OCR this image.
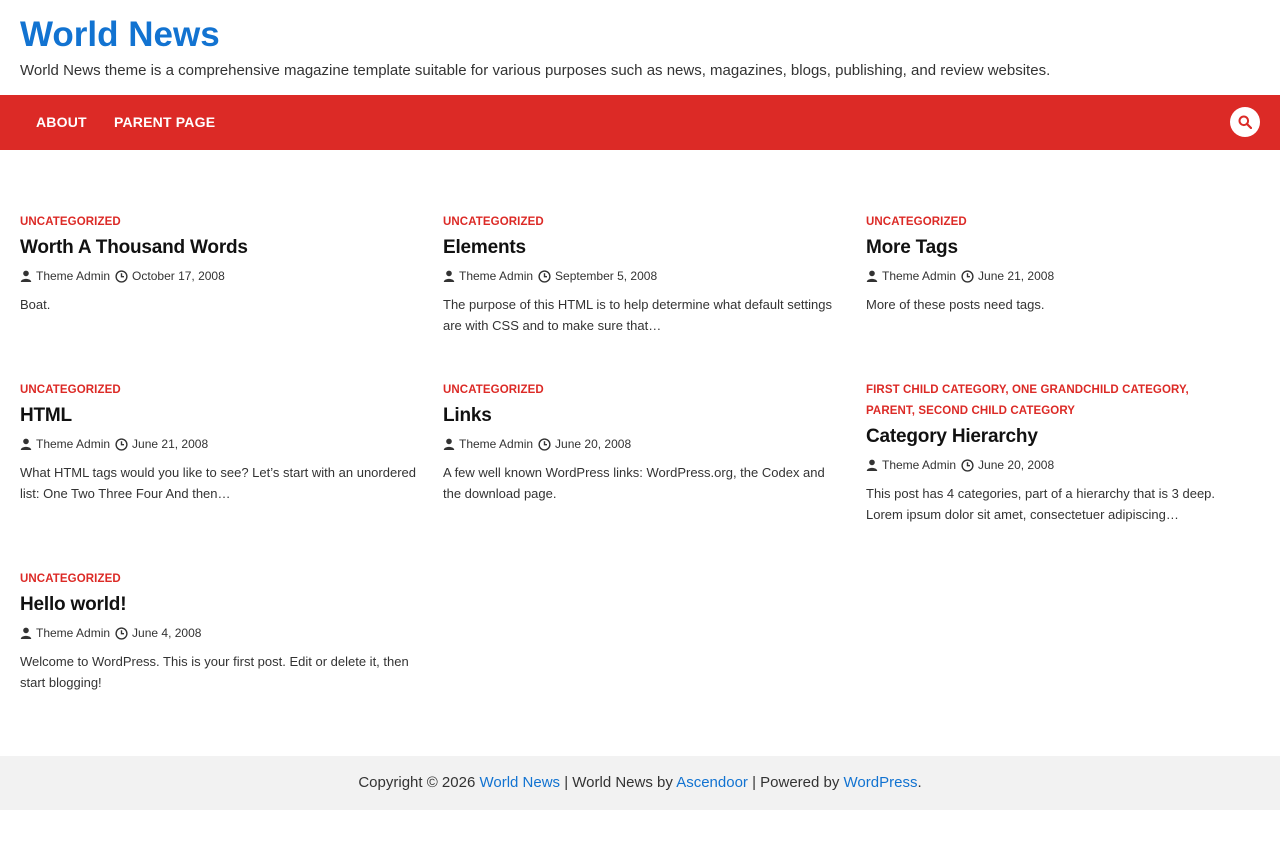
World News

World News theme is a comprehensive magazine template suitable for various purposes such as news, magazines, blogs, publishing, and review websites.

ABOUT PARENT PAGE
UNCATEGORIZED
Worth A Thousand Words
Theme Admin October 17, 2008

Boat.

UNCATEGORIZED
Elements
Theme Admin September 5, 2008

The purpose of this HTML is to help determine what default settings are with CSS and to make sure that…

UNCATEGORIZED
More Tags
Theme Admin June 21, 2008

More of these posts need tags.

UNCATEGORIZED
HTML
Theme Admin June 21, 2008

What HTML tags would you like to see? Let’s start with an unordered list: One Two Three Four And then…

UNCATEGORIZED
Links
Theme Admin June 20, 2008

A few well known WordPress links: WordPress.org, the Codex and the download page.

FIRST CHILD CATEGORY, ONE GRANDCHILD CATEGORY, PARENT, SECOND CHILD CATEGORY
Category Hierarchy
Theme Admin June 20, 2008

This post has 4 categories, part of a hierarchy that is 3 deep. Lorem ipsum dolor sit amet, consectetuer adipiscing…

UNCATEGORIZED
Hello world!
Theme Admin June 4, 2008

Welcome to WordPress. This is your first post. Edit or delete it, then start blogging!

Copyright © 2026 World News | World News by Ascendoor | Powered by WordPress.
